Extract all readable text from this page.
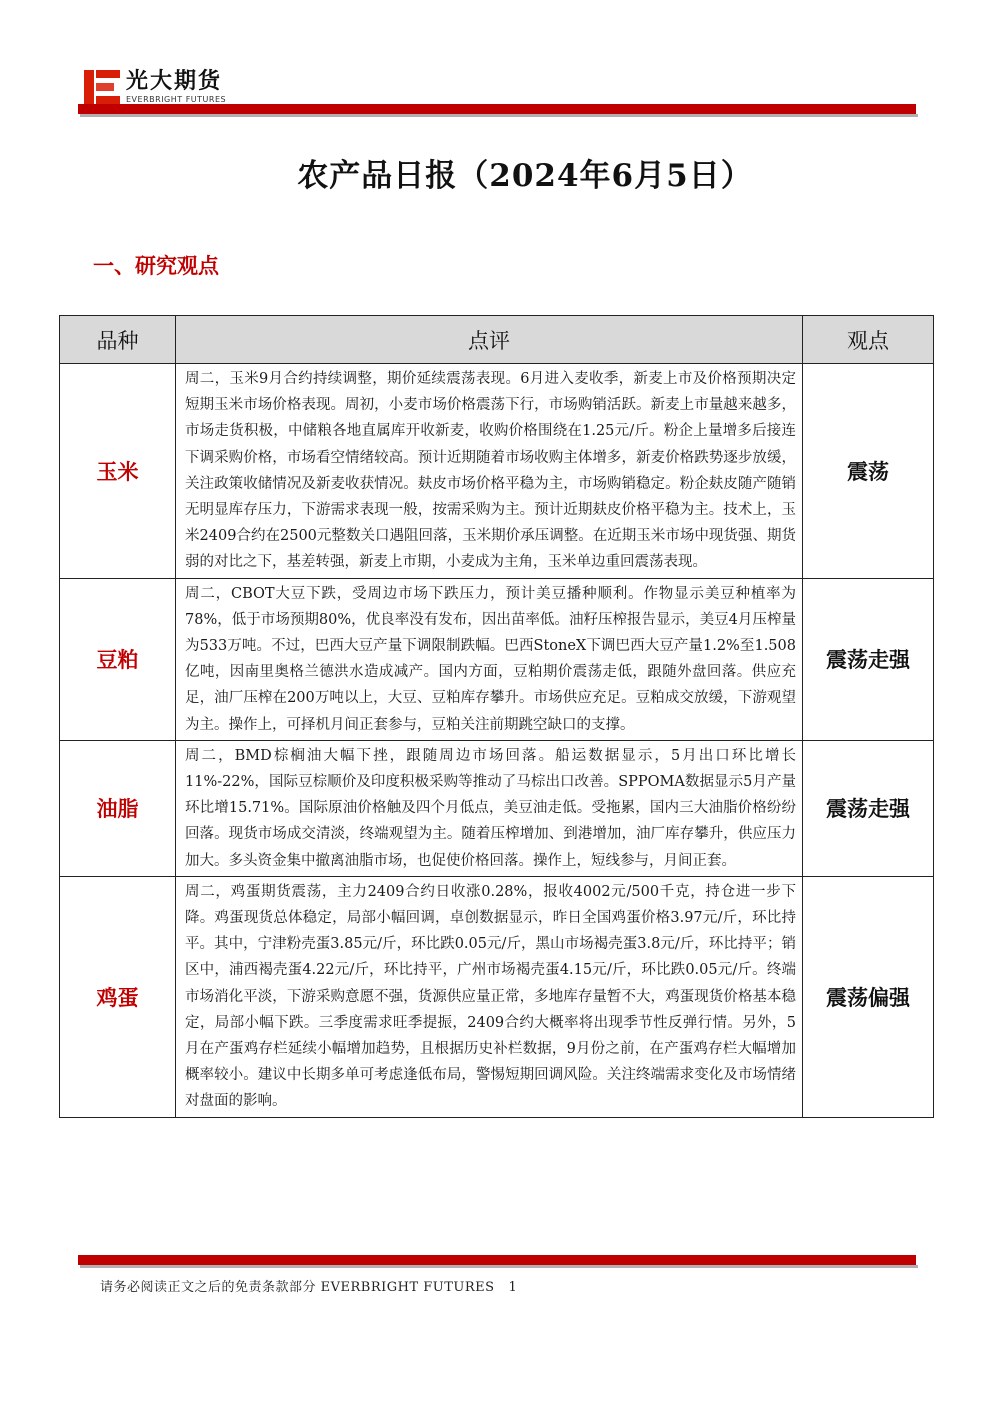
光大期货
EVERBRIGHT FUTURES
农产品日报（2024年6月5日）
一、研究观点
品种	点评	观点
玉米	周二，玉米9月合约持续调整，期价延续震荡表现。6月进入麦收季，新麦上市及价格预期决定短期玉米市场价格表现。周初，小麦市场价格震荡下行，市场购销活跃。新麦上市量越来越多，市场走货积极，中储粮各地直属库开收新麦，收购价格围绕在1.25元/斤。粉企上量增多后接连下调采购价格，市场看空情绪较高。预计近期随着市场收购主体增多，新麦价格跌势逐步放缓，关注政策收储情况及新麦收获情况。麸皮市场价格平稳为主，市场购销稳定。粉企麸皮随产随销无明显库存压力，下游需求表现一般，按需采购为主。预计近期麸皮价格平稳为主。技术上，玉米2409合约在2500元整数关口遇阻回落，玉米期价承压调整。在近期玉米市场中现货强、期货弱的对比之下，基差转强，新麦上市期，小麦成为主角，玉米单边重回震荡表现。	震荡
豆粕	周二，CBOT大豆下跌，受周边市场下跌压力，预计美豆播种顺利。作物显示美豆种植率为78%，低于市场预期80%，优良率没有发布，因出苗率低。油籽压榨报告显示，美豆4月压榨量为533万吨。不过，巴西大豆产量下调限制跌幅。巴西StoneX下调巴西大豆产量1.2%至1.508亿吨，因南里奥格兰德洪水造成减产。国内方面，豆粕期价震荡走低，跟随外盘回落。供应充足，油厂压榨在200万吨以上，大豆、豆粕库存攀升。市场供应充足。豆粕成交放缓，下游观望为主。操作上，可择机月间正套参与，豆粕关注前期跳空缺口的支撑。	震荡走强
油脂	周二，BMD棕榈油大幅下挫，跟随周边市场回落。船运数据显示，5月出口环比增长11%-22%，国际豆棕顺价及印度积极采购等推动了马棕出口改善。SPPOMA数据显示5月产量环比增15.71%。国际原油价格触及四个月低点，美豆油走低。受拖累，国内三大油脂价格纷纷回落。现货市场成交清淡，终端观望为主。随着压榨增加、到港增加，油厂库存攀升，供应压力加大。多头资金集中撤离油脂市场，也促使价格回落。操作上，短线参与，月间正套。	震荡走强
鸡蛋	周二，鸡蛋期货震荡，主力2409合约日收涨0.28%，报收4002元/500千克，持仓进一步下降。鸡蛋现货总体稳定，局部小幅回调，卓创数据显示，昨日全国鸡蛋价格3.97元/斤，环比持平。其中，宁津粉壳蛋3.85元/斤，环比跌0.05元/斤，黑山市场褐壳蛋3.8元/斤，环比持平；销区中，浦西褐壳蛋4.22元/斤，环比持平，广州市场褐壳蛋4.15元/斤，环比跌0.05元/斤。终端市场消化平淡，下游采购意愿不强，货源供应量正常，多地库存量暂不大，鸡蛋现货价格基本稳定，局部小幅下跌。三季度需求旺季提振，2409合约大概率将出现季节性反弹行情。另外，5月在产蛋鸡存栏延续小幅增加趋势，且根据历史补栏数据，9月份之前，在产蛋鸡存栏大幅增加概率较小。建议中长期多单可考虑逢低布局，警惕短期回调风险。关注终端需求变化及市场情绪对盘面的影响。	震荡偏强
请务必阅读正文之后的免责条款部分 EVERBRIGHT FUTURES 1
